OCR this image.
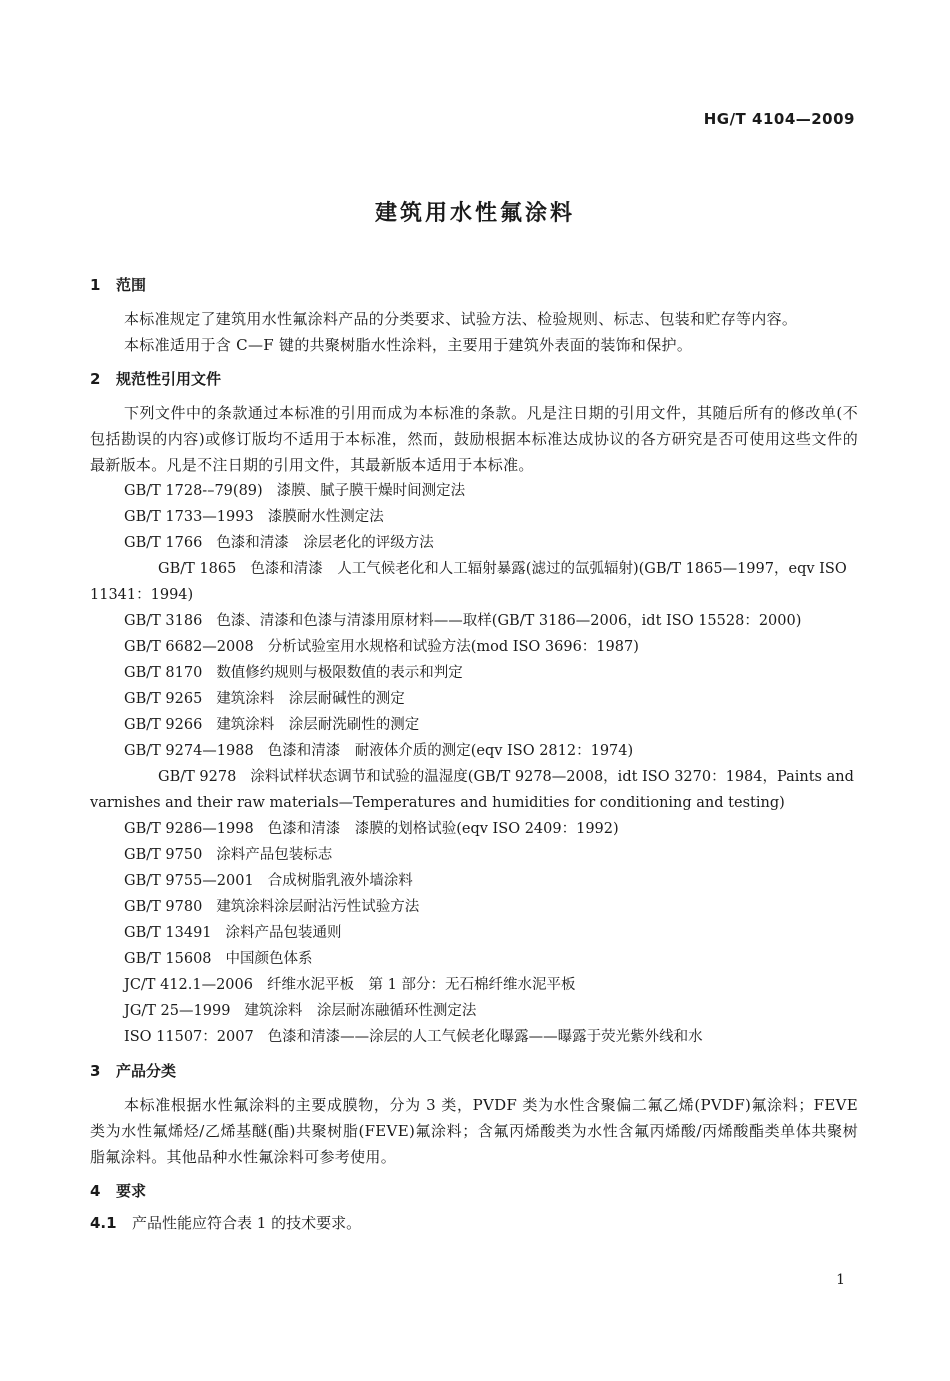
HG/T 4104—2009
建筑用水性氟涂料
1 范围
本标准规定了建筑用水性氟涂料产品的分类要求、试验方法、检验规则、标志、包装和贮存等内容。
本标准适用于含 C—F 键的共聚树脂水性涂料，主要用于建筑外表面的装饰和保护。
2 规范性引用文件
下列文件中的条款通过本标准的引用而成为本标准的条款。凡是注日期的引用文件，其随后所有的修改单(不包括勘误的内容)或修订版均不适用于本标准，然而，鼓励根据本标准达成协议的各方研究是否可使用这些文件的最新版本。凡是不注日期的引用文件，其最新版本适用于本标准。
GB/T 1728-–79(89) 漆膜、腻子膜干燥时间测定法
GB/T 1733—1993 漆膜耐水性测定法
GB/T 1766 色漆和清漆　涂层老化的评级方法
GB/T 1865 色漆和清漆　人工气候老化和人工辐射暴露(滤过的氙弧辐射)(GB/T 1865—1997，eqv ISO 11341：1994)
GB/T 3186 色漆、清漆和色漆与清漆用原材料——取样(GB/T 3186—2006，idt ISO 15528：2000)
GB/T 6682—2008 分析试验室用水规格和试验方法(mod ISO 3696：1987)
GB/T 8170 数值修约规则与极限数值的表示和判定
GB/T 9265 建筑涂料　涂层耐碱性的测定
GB/T 9266 建筑涂料　涂层耐洗刷性的测定
GB/T 9274—1988 色漆和清漆　耐液体介质的测定(eqv ISO 2812：1974)
GB/T 9278 涂料试样状态调节和试验的温湿度(GB/T 9278—2008，idt ISO 3270：1984，Paints and varnishes and their raw materials—Temperatures and humidities for conditioning and testing)
GB/T 9286—1998 色漆和清漆　漆膜的划格试验(eqv ISO 2409：1992)
GB/T 9750 涂料产品包装标志
GB/T 9755—2001 合成树脂乳液外墙涂料
GB/T 9780 建筑涂料涂层耐沾污性试验方法
GB/T 13491 涂料产品包装通则
GB/T 15608 中国颜色体系
JC/T 412.1—2006 纤维水泥平板　第 1 部分：无石棉纤维水泥平板
JG/T 25—1999 建筑涂料　涂层耐冻融循环性测定法
ISO 11507：2007 色漆和清漆——涂层的人工气候老化曝露——曝露于荧光紫外线和水
3 产品分类
本标准根据水性氟涂料的主要成膜物，分为 3 类，PVDF 类为水性含聚偏二氟乙烯(PVDF)氟涂料；FEVE 类为水性氟烯烃/乙烯基醚(酯)共聚树脂(FEVE)氟涂料；含氟丙烯酸类为水性含氟丙烯酸/丙烯酸酯类单体共聚树脂氟涂料。其他品种水性氟涂料可参考使用。
4 要求
4.1 产品性能应符合表 1 的技术要求。
1
